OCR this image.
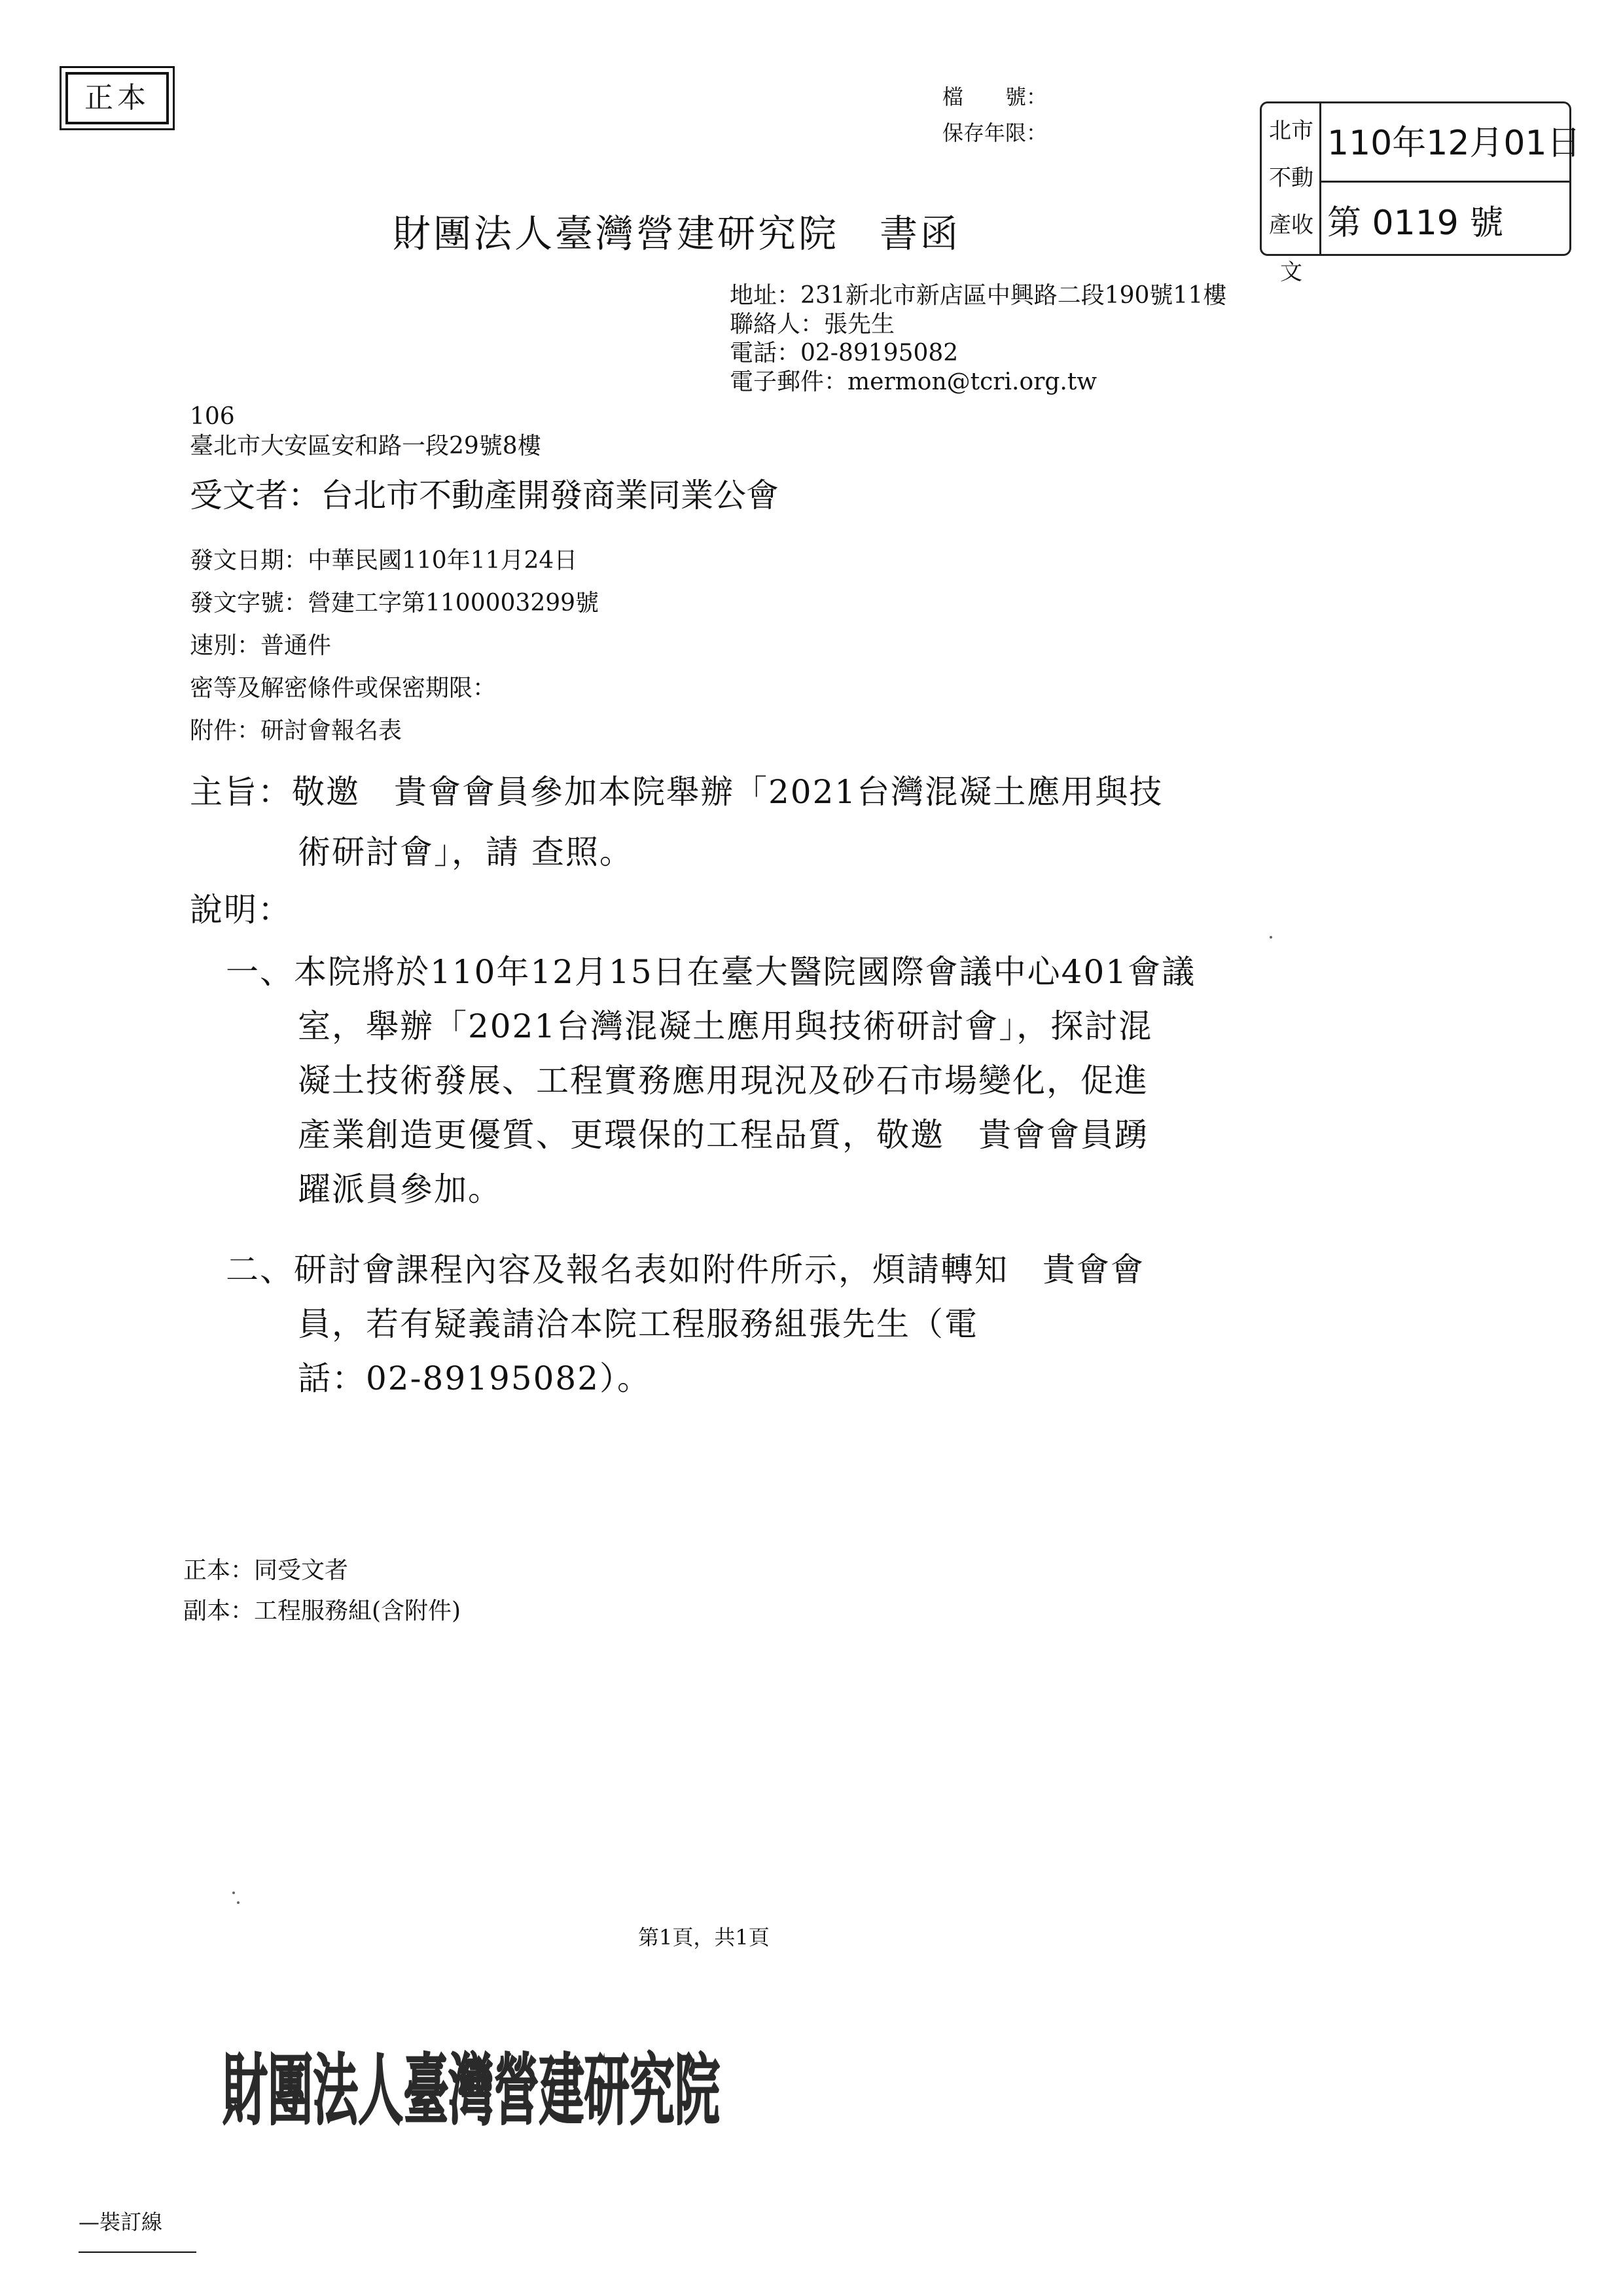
正本	檔　　號：
保存年限：	北市不動產收文
110年12月01日
第 0119 號
財團法人臺灣營建研究院　書函
地址：231新北市新店區中興路二段190號11樓
聯絡人：張先生
電話：02-89195082
電子郵件：mermon@tcri.org.tw
106
臺北市大安區安和路一段29號8樓
受文者：台北市不動產開發商業同業公會
發文日期：中華民國110年11月24日
發文字號：營建工字第1100003299號
速別：普通件
密等及解密條件或保密期限：
附件：研討會報名表
主旨：敬邀　貴會會員參加本院舉辦「2021台灣混凝土應用與技
術研討會」，請 查照。
說明：
一、本院將於110年12月15日在臺大醫院國際會議中心401會議
室，舉辦「2021台灣混凝土應用與技術研討會」，探討混
凝土技術發展、工程實務應用現況及砂石市場變化，促進
產業創造更優質、更環保的工程品質，敬邀　貴會會員踴
躍派員參加。
二、研討會課程內容及報名表如附件所示，煩請轉知　貴會會
員，若有疑義請洽本院工程服務組張先生（電
話：02-89195082）。
正本：同受文者
副本：工程服務組(含附件)
第1頁，共1頁
財團法人臺灣營建研究院
—裝訂線
